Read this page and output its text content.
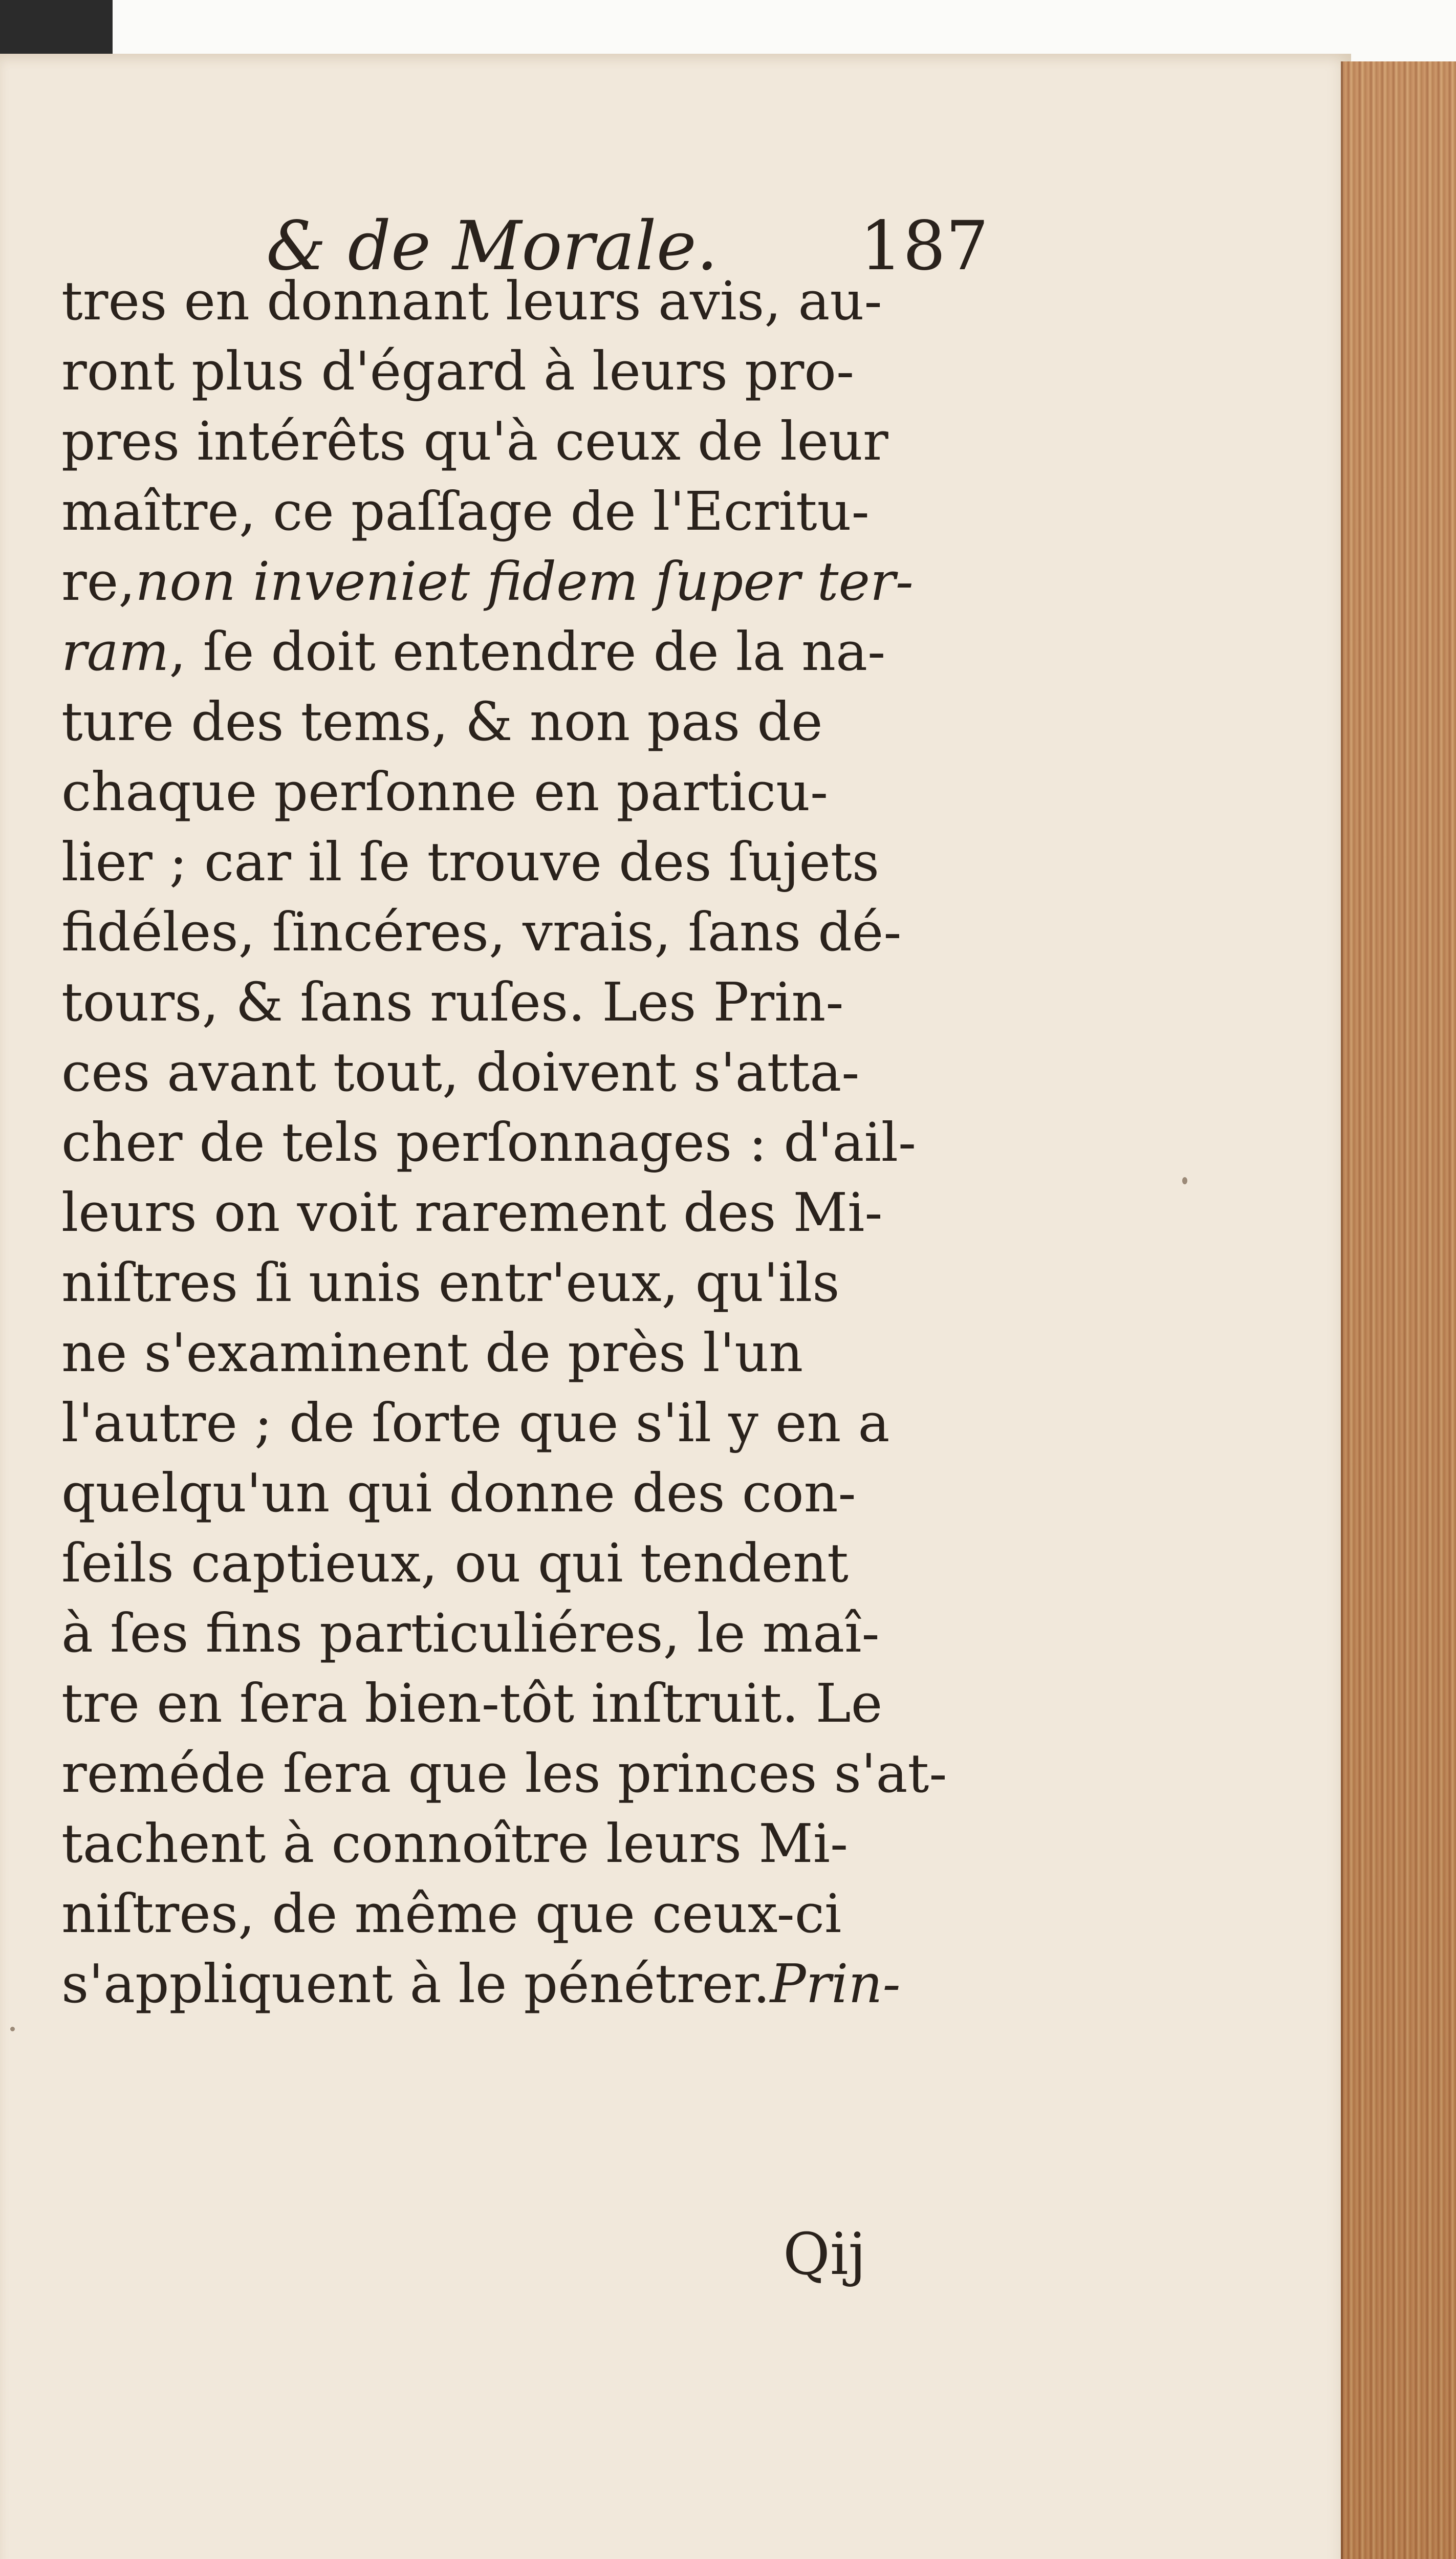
& de Morale. 187
tres en donnant leurs avis, au-
ront plus d'égard à leurs pro-
pres intérêts qu'à ceux de leur
maître, ce paſſage de l'Ecritu-
re, non inveniet fidem ſuper ter-
ram , ſe doit entendre de la na-
ture des tems, & non pas de
chaque perſonne en particu-
lier ; car il ſe trouve des ſujets
fidéles, ſincéres, vrais, ſans dé-
tours, & ſans ruſes. Les Prin-
ces avant tout, doivent s'atta-
cher de tels perſonnages : d'ail-
leurs on voit rarement des Mi-
niſtres ſi unis entr'eux, qu'ils
ne s'examinent de près l'un
l'autre ; de ſorte que s'il y en a
quelqu'un qui donne des con-
ſeils captieux, ou qui tendent
à ſes fins particuliéres, le maî-
tre en ſera bien-tôt inſtruit. Le
reméde ſera que les princes s'at-
tachent à connoître leurs Mi-
niſtres, de même que ceux-ci
s'appliquent à le pénétrer. Prin-
Qij
